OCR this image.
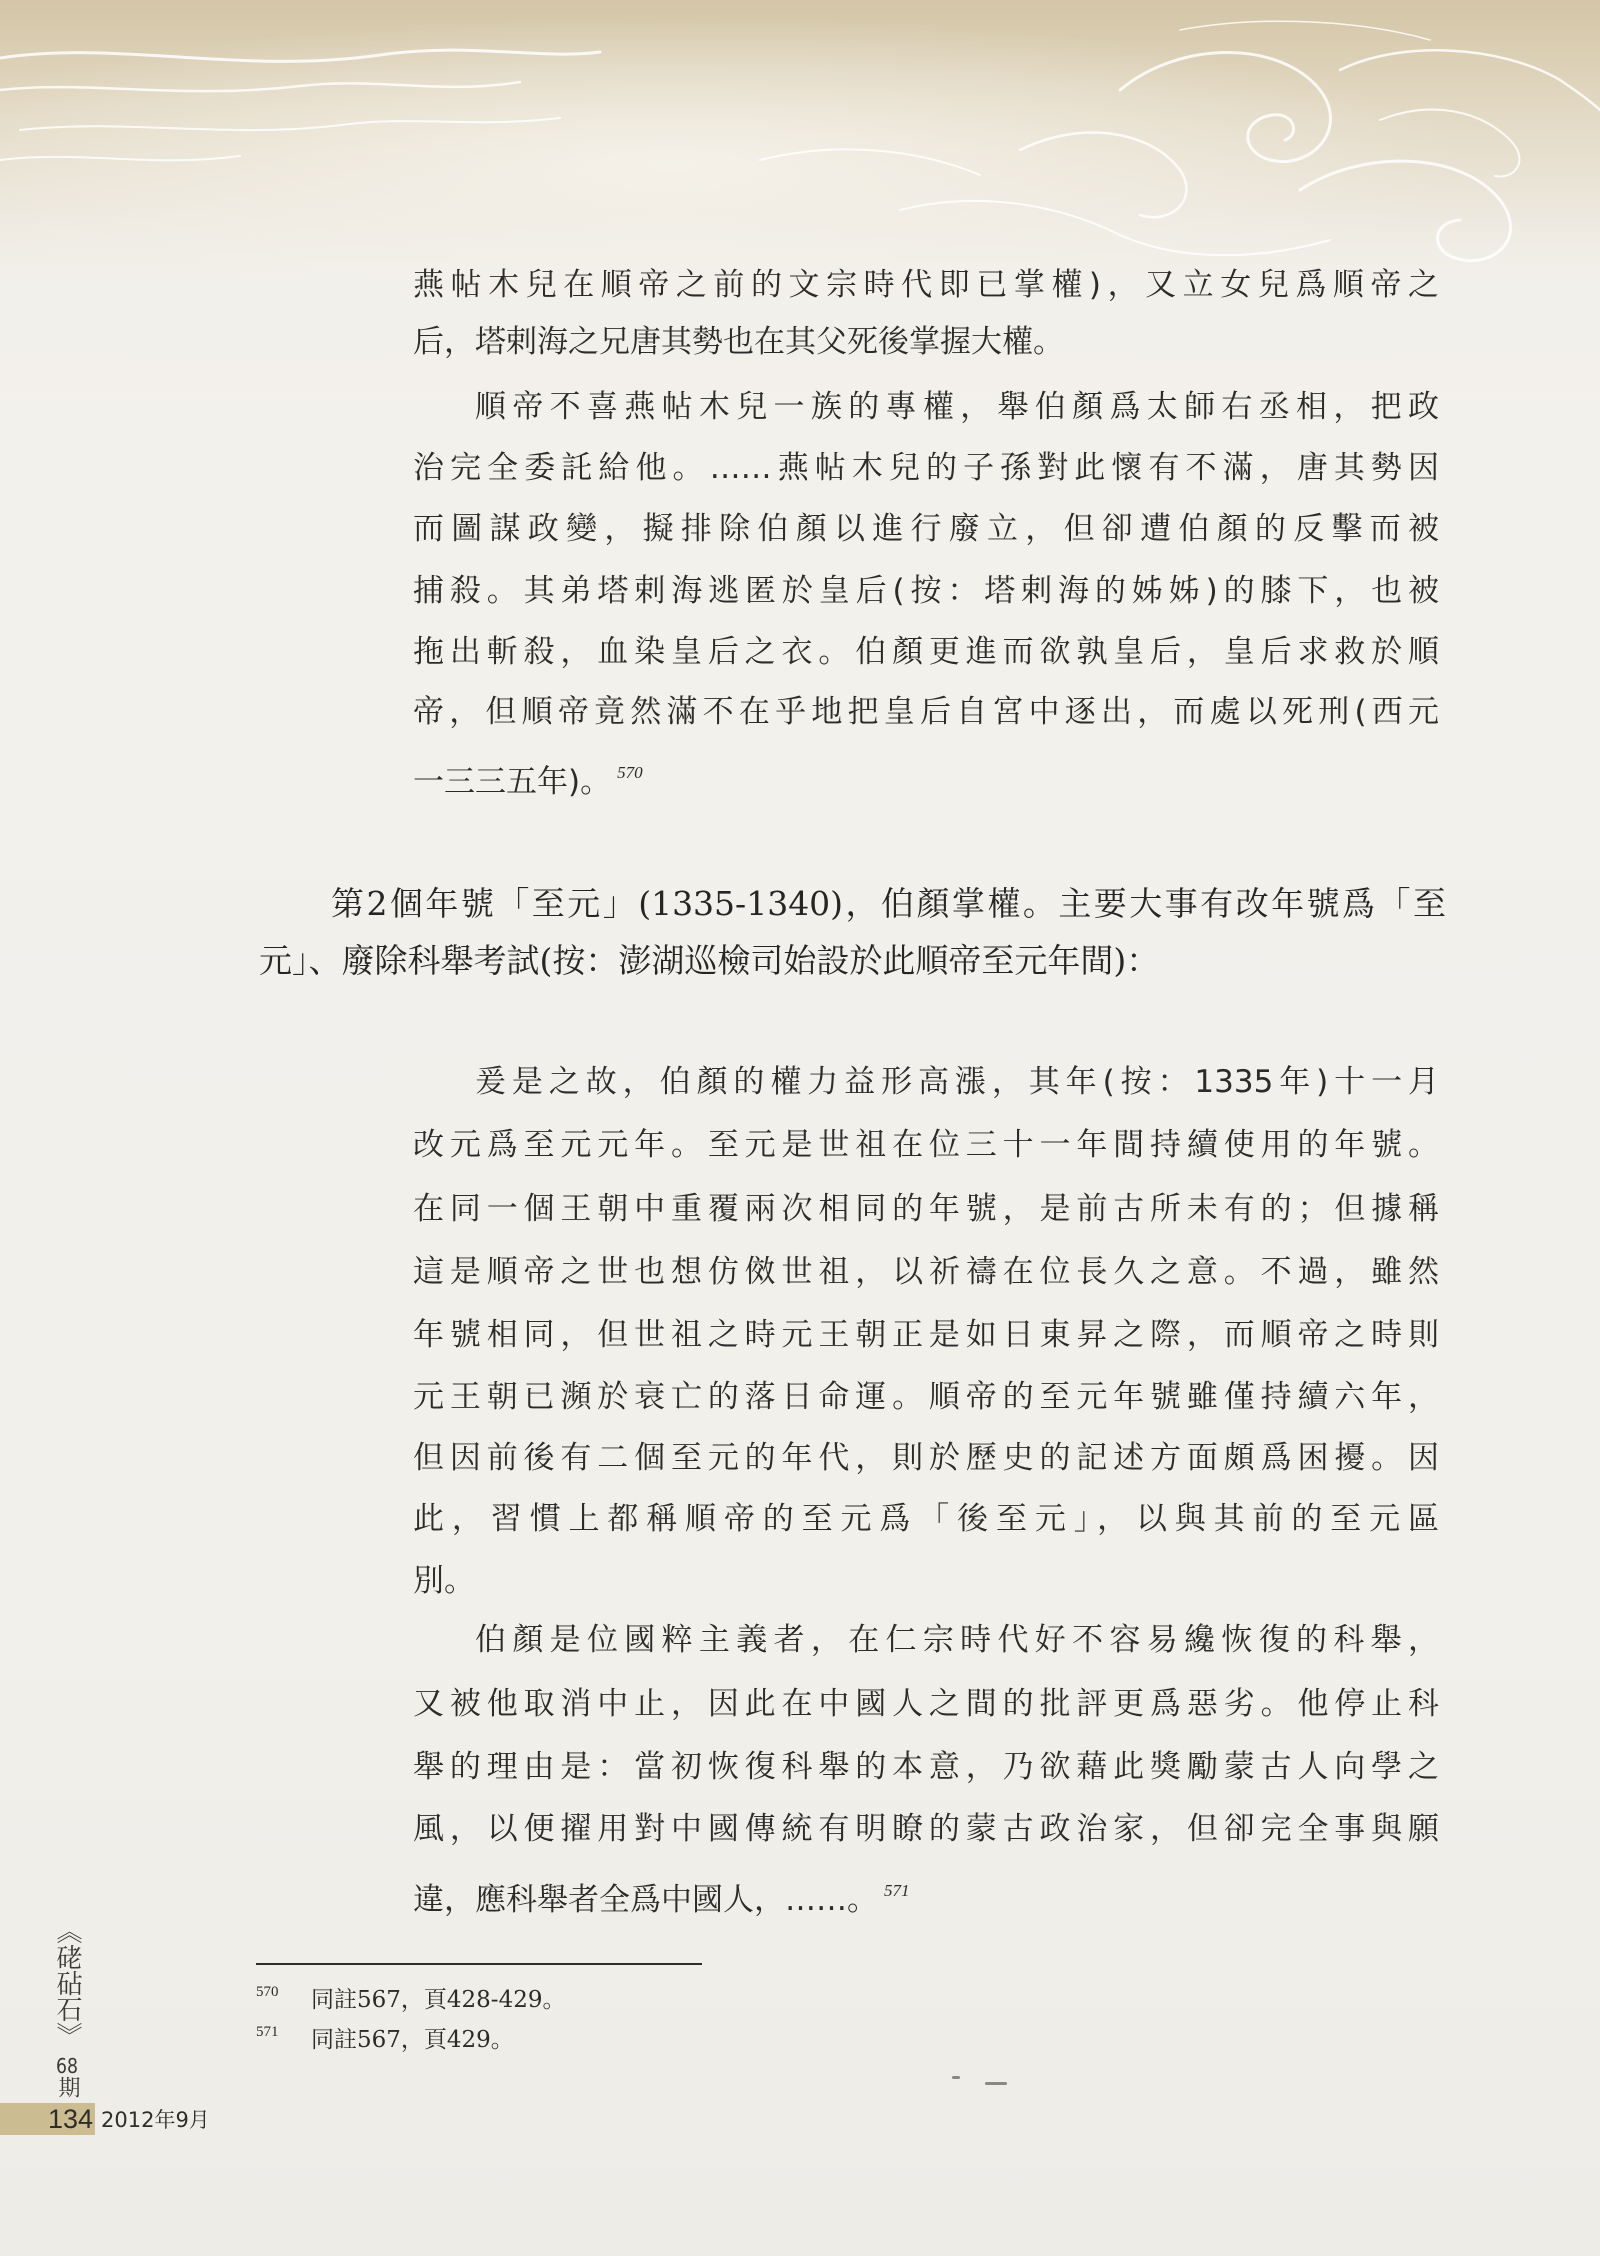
燕帖木兒在順帝之前的文宗時代即已掌權)，又立女兒爲順帝之
后，塔剌海之兄唐其勢也在其父死後掌握大權。
順帝不喜燕帖木兒一族的專權，舉伯顏爲太師右丞相，把政
治完全委託給他。……燕帖木兒的子孫對此懷有不滿，唐其勢因
而圖謀政變，擬排除伯顏以進行廢立，但卻遭伯顏的反擊而被
捕殺。其弟塔剌海逃匿於皇后(按：塔剌海的姊姊)的膝下，也被
拖出斬殺，血染皇后之衣。伯顏更進而欲孰皇后，皇后求救於順
帝，但順帝竟然滿不在乎地把皇后自宮中逐出，而處以死刑(西元
一三三五年)。 $^{570}$
第2個年號「至元」(1335-1340)，伯顏掌權。主要大事有改年號爲「至
元」、廢除科舉考試(按：澎湖巡檢司始設於此順帝至元年間)：
爰是之故，伯顏的權力益形高漲，其年(按：1335年)十一月
改元爲至元元年。至元是世祖在位三十一年間持續使用的年號。
在同一個王朝中重覆兩次相同的年號，是前古所未有的；但據稱
這是順帝之世也想仿傚世祖，以祈禱在位長久之意。不過，雖然
年號相同，但世祖之時元王朝正是如日東昇之際，而順帝之時則
元王朝已瀕於衰亡的落日命運。順帝的至元年號雖僅持續六年，
但因前後有二個至元的年代，則於歷史的記述方面頗爲困擾。因
此，習慣上都稱順帝的至元爲「後至元」，以與其前的至元區
別。
伯顏是位國粹主義者，在仁宗時代好不容易纔恢復的科舉，
又被他取消中止，因此在中國人之間的批評更爲惡劣。他停止科
舉的理由是：當初恢復科舉的本意，乃欲藉此獎勵蒙古人向學之
風，以便擢用對中國傳統有明瞭的蒙古政治家，但卻完全事與願
違，應科舉者全爲中國人，……。 $^{571}$
570 同註567，頁428-429。
571 同註567，頁429。
《硓砧石》
68期
134 2012年9月
